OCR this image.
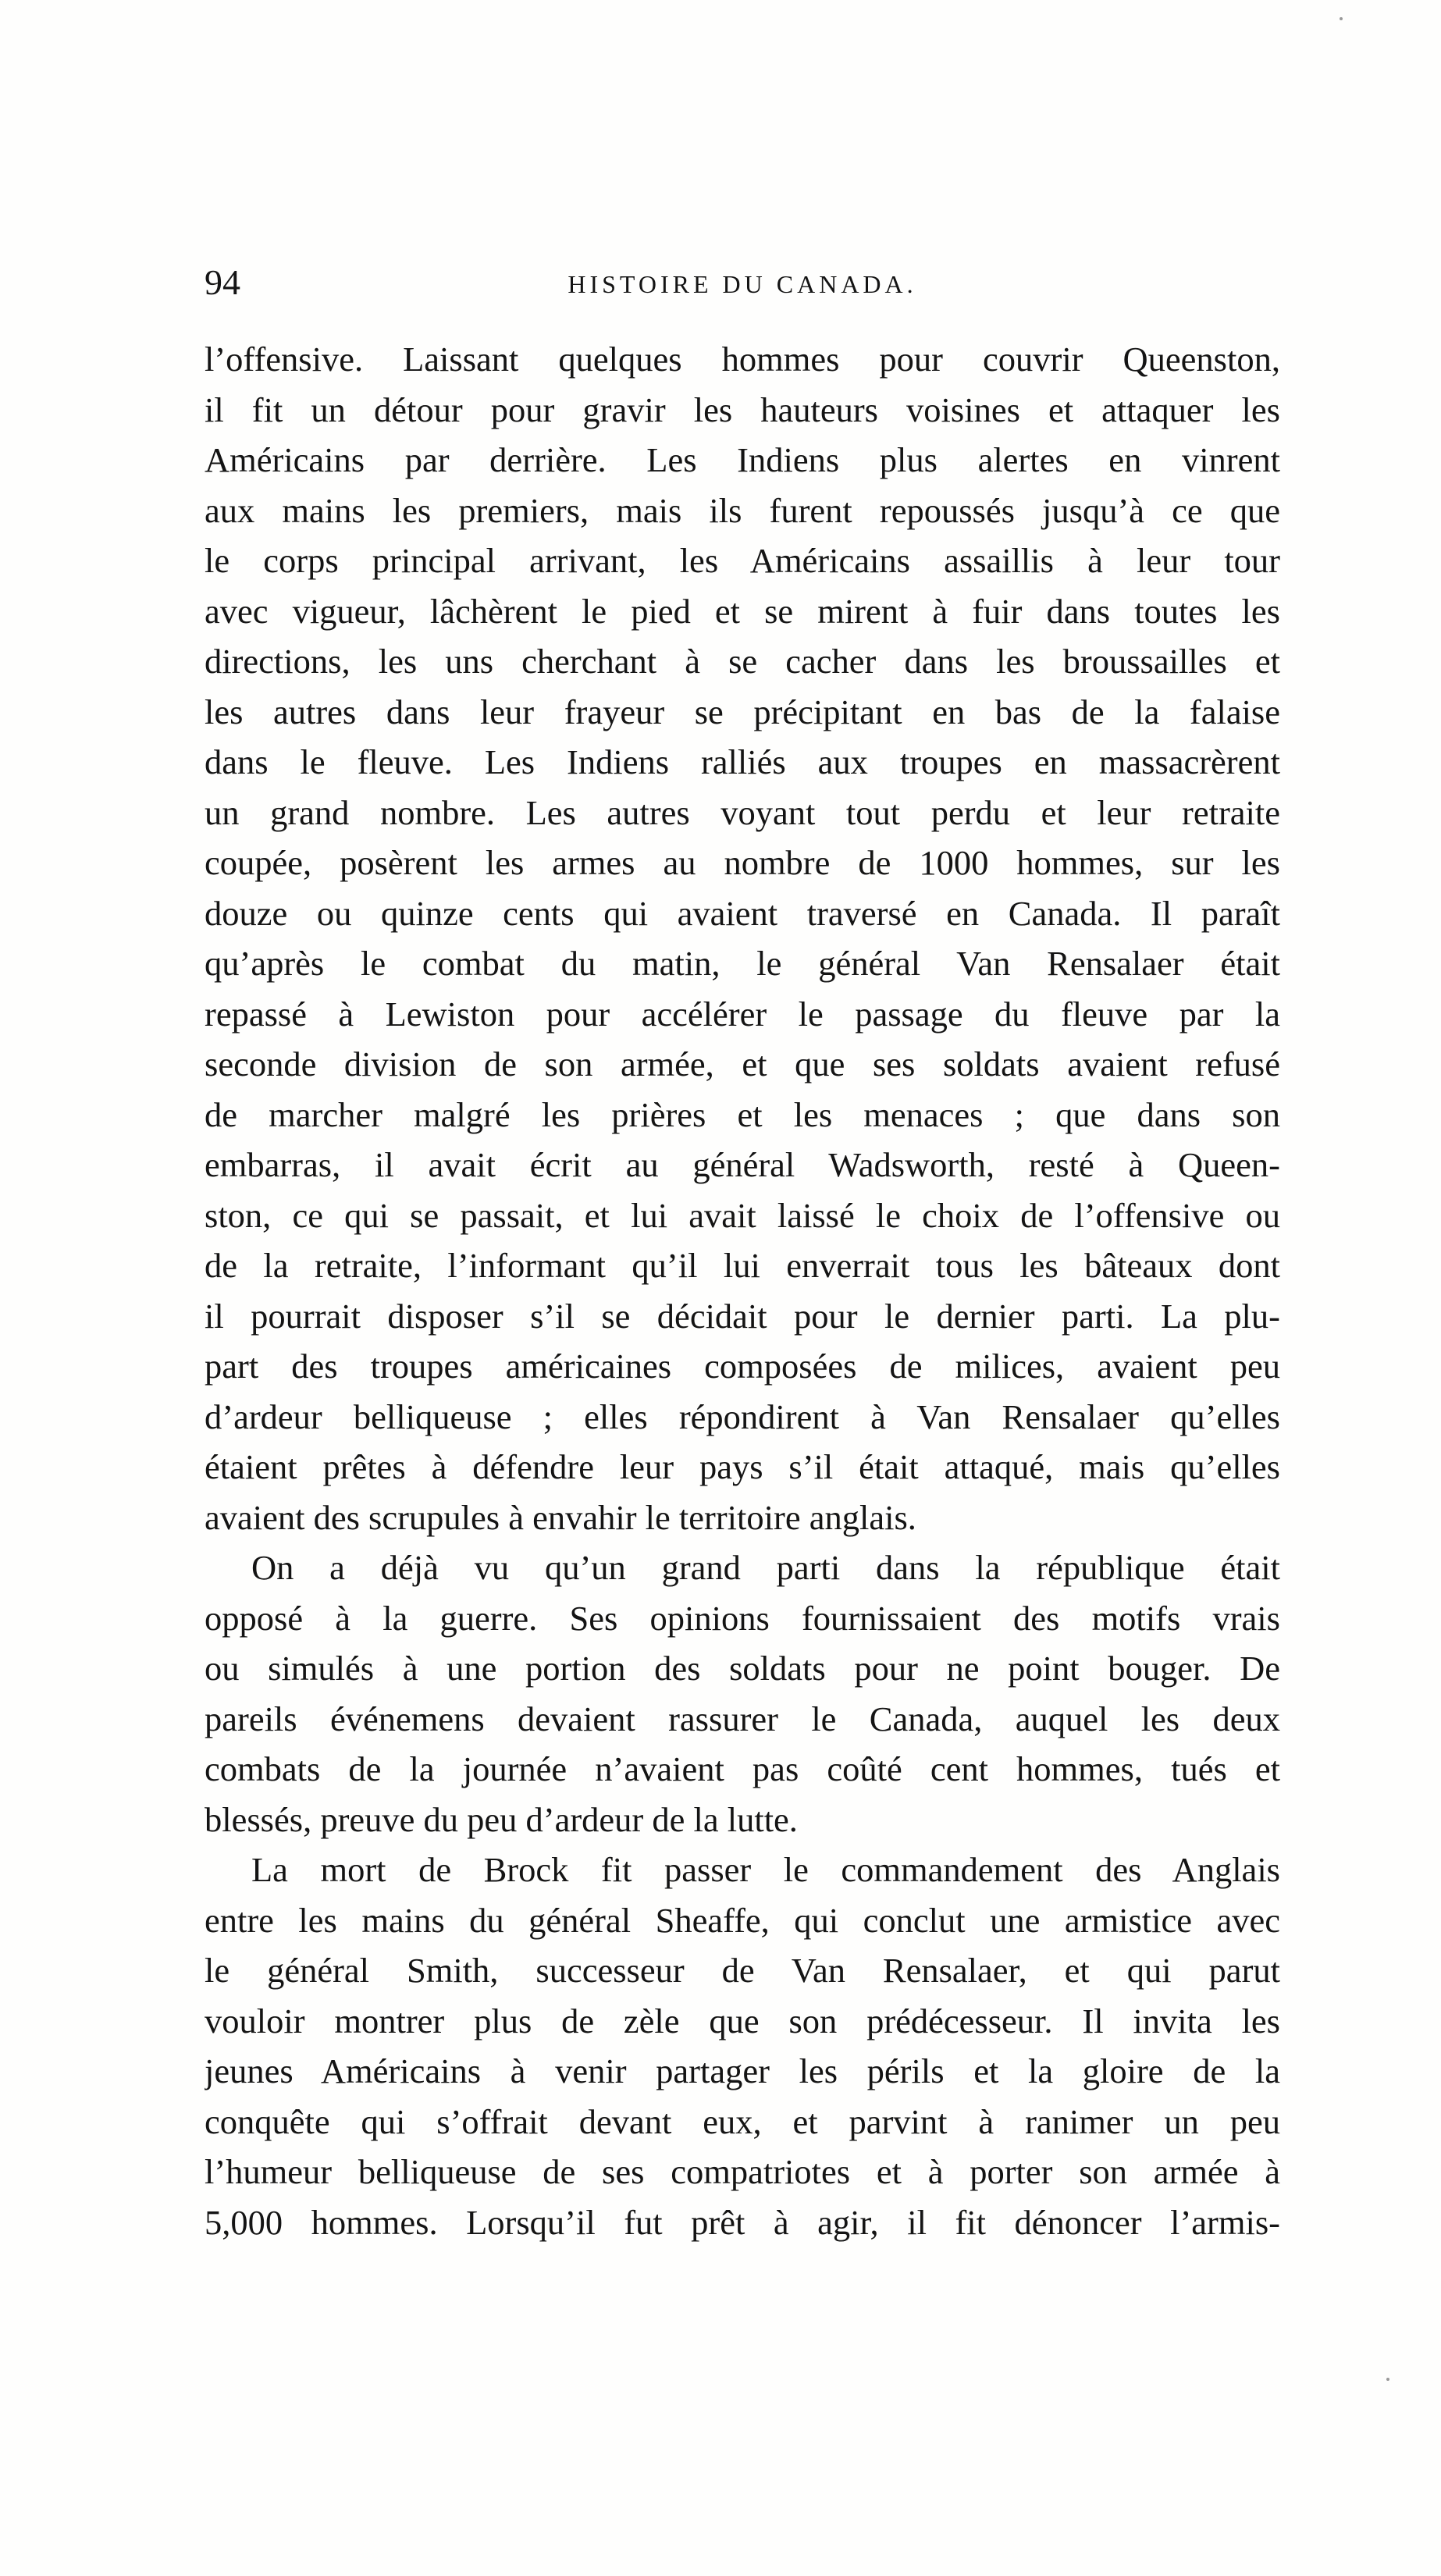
94	HISTOIRE DU CANADA.
l’offensive. Laissant quelques hommes pour couvrir Queenston,
il fit un détour pour gravir les hauteurs voisines et attaquer les
Américains par derrière. Les Indiens plus alertes en vinrent
aux mains les premiers, mais ils furent repoussés jusqu’à ce que
le corps principal arrivant, les Américains assaillis à leur tour
avec vigueur, lâchèrent le pied et se mirent à fuir dans toutes les
directions, les uns cherchant à se cacher dans les broussailles et
les autres dans leur frayeur se précipitant en bas de la falaise
dans le fleuve. Les Indiens ralliés aux troupes en massacrèrent
un grand nombre. Les autres voyant tout perdu et leur retraite
coupée, posèrent les armes au nombre de 1000 hommes, sur les
douze ou quinze cents qui avaient traversé en Canada. Il paraît
qu’après le combat du matin, le général Van Rensalaer était
repassé à Lewiston pour accélérer le passage du fleuve par la
seconde division de son armée, et que ses soldats avaient refusé
de marcher malgré les prières et les menaces ; que dans son
embarras, il avait écrit au général Wadsworth, resté à Queen-
ston, ce qui se passait, et lui avait laissé le choix de l’offensive ou
de la retraite, l’informant qu’il lui enverrait tous les bâteaux dont
il pourrait disposer s’il se décidait pour le dernier parti. La plu-
part des troupes américaines composées de milices, avaient peu
d’ardeur belliqueuse ; elles répondirent à Van Rensalaer qu’elles
étaient prêtes à défendre leur pays s’il était attaqué, mais qu’elles
avaient des scrupules à envahir le territoire anglais.
On a déjà vu qu’un grand parti dans la république était
opposé à la guerre. Ses opinions fournissaient des motifs vrais
ou simulés à une portion des soldats pour ne point bouger. De
pareils événemens devaient rassurer le Canada, auquel les deux
combats de la journée n’avaient pas coûté cent hommes, tués et
blessés, preuve du peu d’ardeur de la lutte.
La mort de Brock fit passer le commandement des Anglais
entre les mains du général Sheaffe, qui conclut une armistice avec
le général Smith, successeur de Van Rensalaer, et qui parut
vouloir montrer plus de zèle que son prédécesseur. Il invita les
jeunes Américains à venir partager les périls et la gloire de la
conquête qui s’offrait devant eux, et parvint à ranimer un peu
l’humeur belliqueuse de ses compatriotes et à porter son armée à
5,000 hommes. Lorsqu’il fut prêt à agir, il fit dénoncer l’armis-
